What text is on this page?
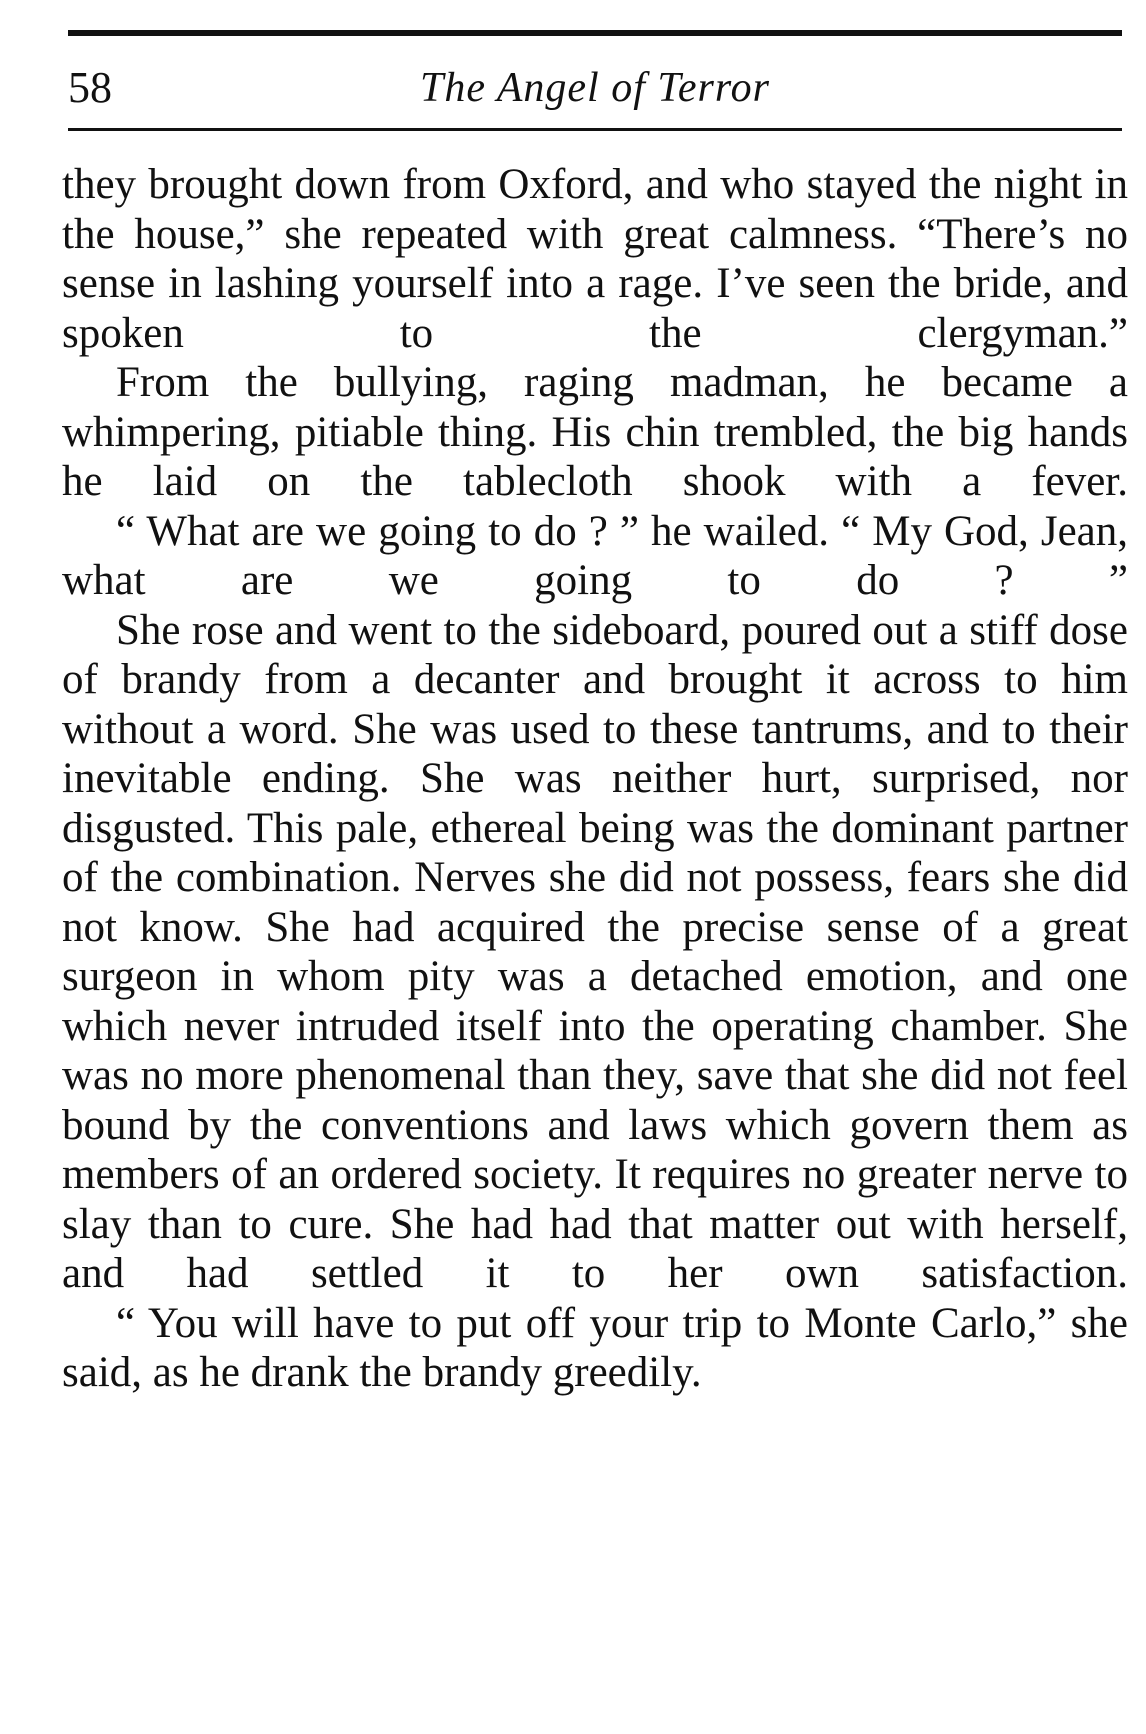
58	The Angel of Terror

they brought down from Oxford, and who stayed the night in the house,” she repeated with great calmness. “There’s no sense in lashing yourself into a rage. I’ve seen the bride, and spoken to the clergyman.”

From the bullying, raging madman, he became a whimpering, pitiable thing. His chin trembled, the big hands he laid on the tablecloth shook with a fever.

“ What are we going to do ? ” he wailed. “ My God, Jean, what are we going to do ? ”

She rose and went to the sideboard, poured out a stiff dose of brandy from a decanter and brought it across to him without a word. She was used to these tantrums, and to their inevitable ending. She was neither hurt, surprised, nor disgusted. This pale, ethereal being was the dominant partner of the combination. Nerves she did not possess, fears she did not know. She had acquired the precise sense of a great surgeon in whom pity was a detached emotion, and one which never intruded itself into the operating chamber. She was no more phenomenal than they, save that she did not feel bound by the conventions and laws which govern them as members of an ordered society. It requires no greater nerve to slay than to cure. She had had that matter out with herself, and had settled it to her own satisfaction.

“ You will have to put off your trip to Monte Carlo,” she said, as he drank the brandy greedily.
